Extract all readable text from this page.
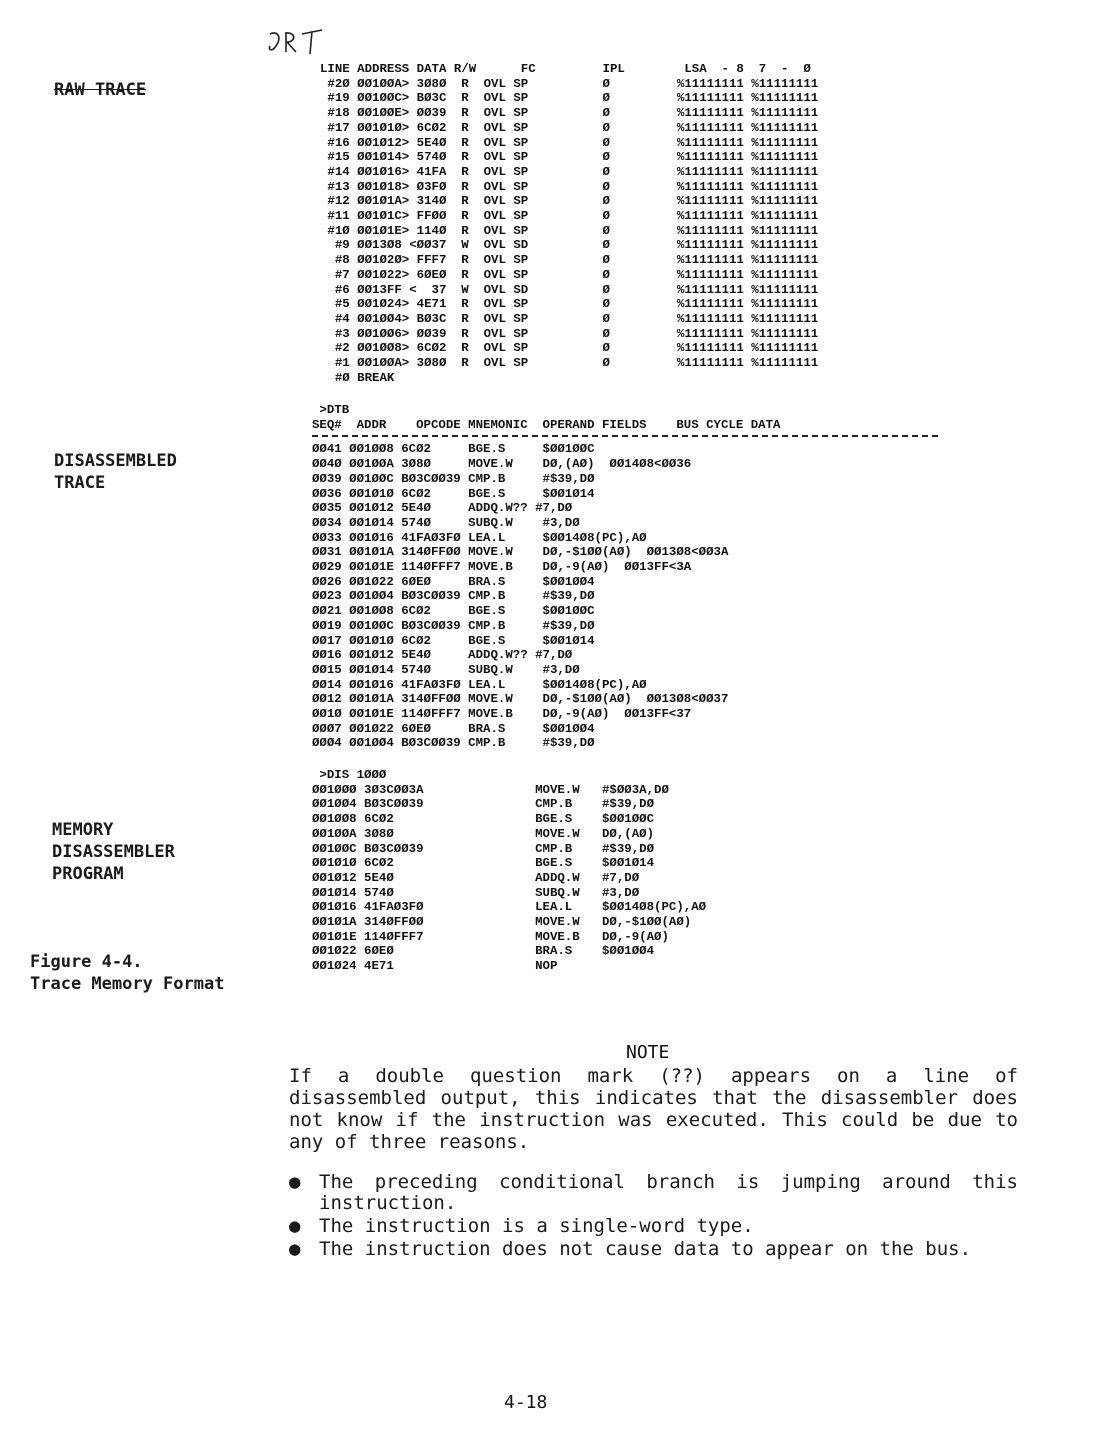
RAW TRACE
DISASSEMBLED
TRACE
MEMORY
DISASSEMBLER
PROGRAM
Figure 4-4.
Trace Memory Format
LINE ADDRESS DATA R/W      FC         IPL        LSA  - 8  7  -  Ø
#2Ø ØØ1ØØA> 3Ø8Ø  R  OVL SP          Ø         %11111111 %11111111
#19 ØØ1ØØC> BØ3C  R  OVL SP          Ø         %11111111 %11111111
#18 ØØ1ØØE> ØØ39  R  OVL SP          Ø         %11111111 %11111111
#17 ØØ1Ø1Ø> 6CØ2  R  OVL SP          Ø         %11111111 %11111111
#16 ØØ1Ø12> 5E4Ø  R  OVL SP          Ø         %11111111 %11111111
#15 ØØ1Ø14> 574Ø  R  OVL SP          Ø         %11111111 %11111111
#14 ØØ1Ø16> 41FA  R  OVL SP          Ø         %11111111 %11111111
#13 ØØ1Ø18> Ø3FØ  R  OVL SP          Ø         %11111111 %11111111
#12 ØØ1Ø1A> 314Ø  R  OVL SP          Ø         %11111111 %11111111
#11 ØØ1Ø1C> FFØØ  R  OVL SP          Ø         %11111111 %11111111
#1Ø ØØ1Ø1E> 114Ø  R  OVL SP          Ø         %11111111 %11111111
#9 ØØ13Ø8 <ØØ37  W  OVL SD          Ø         %11111111 %11111111
#8 ØØ1Ø2Ø> FFF7  R  OVL SP          Ø         %11111111 %11111111
#7 ØØ1Ø22> 6ØEØ  R  OVL SP          Ø         %11111111 %11111111
#6 ØØ13FF <  37  W  OVL SD          Ø         %11111111 %11111111
#5 ØØ1Ø24> 4E71  R  OVL SP          Ø         %11111111 %11111111
#4 ØØ1ØØ4> BØ3C  R  OVL SP          Ø         %11111111 %11111111
#3 ØØ1ØØ6> ØØ39  R  OVL SP          Ø         %11111111 %11111111
#2 ØØ1ØØ8> 6CØ2  R  OVL SP          Ø         %11111111 %11111111
#1 ØØ1ØØA> 3Ø8Ø  R  OVL SP          Ø         %11111111 %11111111
#Ø BREAK
>DTB
SEQ#  ADDR    OPCODE MNEMONIC  OPERAND FIELDS    BUS CYCLE DATA
ØØ41 ØØ1ØØ8 6CØ2     BGE.S     $ØØ1ØØC
ØØ4Ø ØØ1ØØA 3Ø8Ø     MOVE.W    DØ,(AØ)  ØØ14Ø8<ØØ36
ØØ39 ØØ1ØØC BØ3CØØ39 CMP.B     #$39,DØ
ØØ36 ØØ1Ø1Ø 6CØ2     BGE.S     $ØØ1Ø14
ØØ35 ØØ1Ø12 5E4Ø     ADDQ.W?? #7,DØ
ØØ34 ØØ1Ø14 574Ø     SUBQ.W    #3,DØ
ØØ33 ØØ1Ø16 41FAØ3FØ LEA.L     $ØØ14Ø8(PC),AØ
ØØ31 ØØ1Ø1A 314ØFFØØ MOVE.W    DØ,-$1ØØ(AØ)  ØØ13Ø8<ØØ3A
ØØ29 ØØ1Ø1E 114ØFFF7 MOVE.B    DØ,-9(AØ)  ØØ13FF<3A
ØØ26 ØØ1Ø22 6ØEØ     BRA.S     $ØØ1ØØ4
ØØ23 ØØ1ØØ4 BØ3CØØ39 CMP.B     #$39,DØ
ØØ21 ØØ1ØØ8 6CØ2     BGE.S     $ØØ1ØØC
ØØ19 ØØ1ØØC BØ3CØØ39 CMP.B     #$39,DØ
ØØ17 ØØ1Ø1Ø 6CØ2     BGE.S     $ØØ1Ø14
ØØ16 ØØ1Ø12 5E4Ø     ADDQ.W?? #7,DØ
ØØ15 ØØ1Ø14 574Ø     SUBQ.W    #3,DØ
ØØ14 ØØ1Ø16 41FAØ3FØ LEA.L     $ØØ14Ø8(PC),AØ
ØØ12 ØØ1Ø1A 314ØFFØØ MOVE.W    DØ,-$1ØØ(AØ)  ØØ13Ø8<ØØ37
ØØ1Ø ØØ1Ø1E 114ØFFF7 MOVE.B    DØ,-9(AØ)  ØØ13FF<37
ØØØ7 ØØ1Ø22 6ØEØ     BRA.S     $ØØ1ØØ4
ØØØ4 ØØ1ØØ4 BØ3CØØ39 CMP.B     #$39,DØ
>DIS 1ØØØ
ØØ1ØØØ 3Ø3CØØ3A               MOVE.W   #$ØØ3A,DØ
ØØ1ØØ4 BØ3CØØ39               CMP.B    #$39,DØ
ØØ1ØØ8 6CØ2                   BGE.S    $ØØ1ØØC
ØØ1ØØA 3Ø8Ø                   MOVE.W   DØ,(AØ)
ØØ1ØØC BØ3CØØ39               CMP.B    #$39,DØ
ØØ1Ø1Ø 6CØ2                   BGE.S    $ØØ1Ø14
ØØ1Ø12 5E4Ø                   ADDQ.W   #7,DØ
ØØ1Ø14 574Ø                   SUBQ.W   #3,DØ
ØØ1Ø16 41FAØ3FØ               LEA.L    $ØØ14Ø8(PC),AØ
ØØ1Ø1A 314ØFFØØ               MOVE.W   DØ,-$1ØØ(AØ)
ØØ1Ø1E 114ØFFF7               MOVE.B   DØ,-9(AØ)
ØØ1Ø22 6ØEØ                   BRA.S    $ØØ1ØØ4
ØØ1Ø24 4E71                   NOP
NOTE
If a double question mark (??) appears on a line of disassembled output, this indicates that the disassembler does not know if the instruction was executed. This could be due to any of three reasons.
● The preceding conditional branch is jumping around this instruction.
● The instruction is a single-word type.
● The instruction does not cause data to appear on the bus.
4-18
